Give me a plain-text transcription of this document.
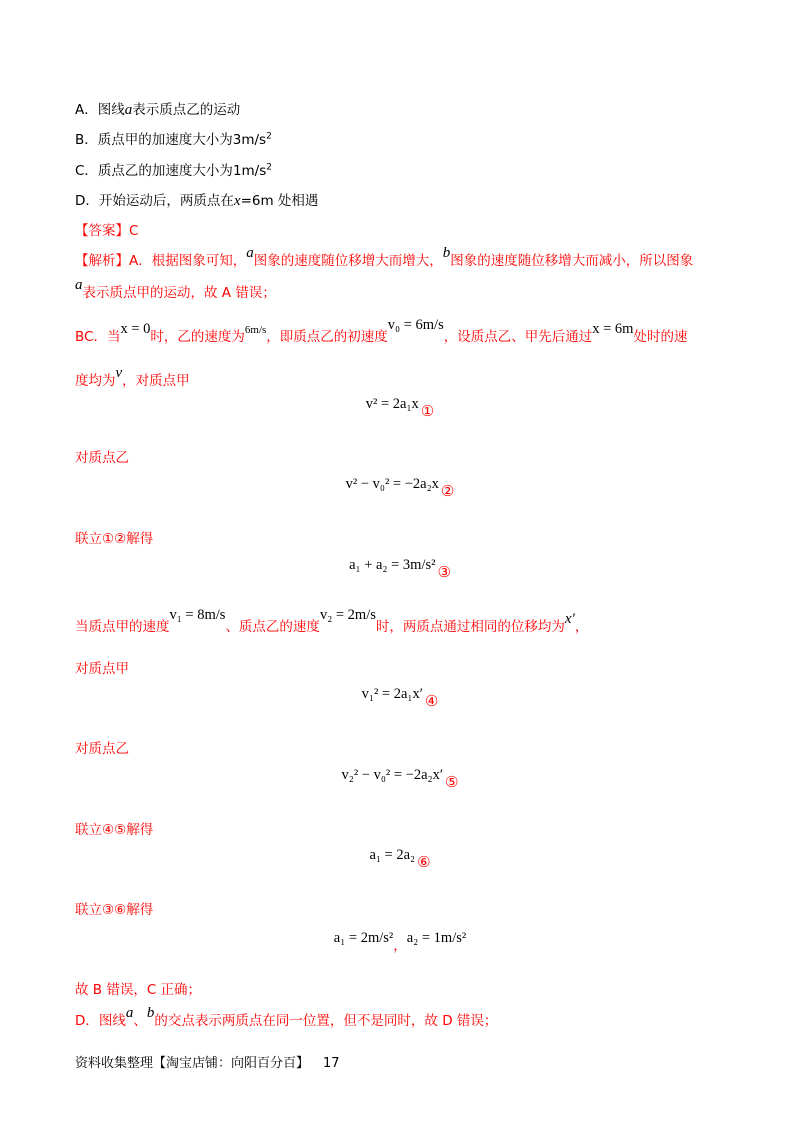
A．图线a表示质点乙的运动
B．质点甲的加速度大小为$3m/s^2$
C．质点乙的加速度大小为$1m/s^2$
D．开始运动后，两质点在x=6m 处相遇
【答案】C
【解析】A．根据图象可知，a图象的速度随位移增大而增大，b图象的速度随位移增大而减小，所以图象
a表示质点甲的运动，故 A 错误；
BC．当x = 0时，乙的速度为$^{6m/s}$，即质点乙的初速度v₀ = 6m/s，设质点乙、甲先后通过x = 6m处时的速
度均为v，对质点甲
v² = 2a₁x ①
对质点乙
v² − v₀² = −2a₂x ②
联立①②解得
a₁ + a₂ = 3m/s² ③
当质点甲的速度v₁ = 8m/s、质点乙的速度v₂ = 2m/s时，两质点通过相同的位移均为x′，
对质点甲
v₁² = 2a₁x′ ④
对质点乙
v₂² − v₀² = −2a₂x′ ⑤
联立④⑤解得
a₁ = 2a₂ ⑥
联立③⑥解得
a₁ = 2m/s²，a₂ = 1m/s²
故 B 错误，C 正确；
D．图线a、b的交点表示两质点在同一位置，但不是同时，故 D 错误；
资料收集整理【淘宝店铺：向阳百分百】 17
